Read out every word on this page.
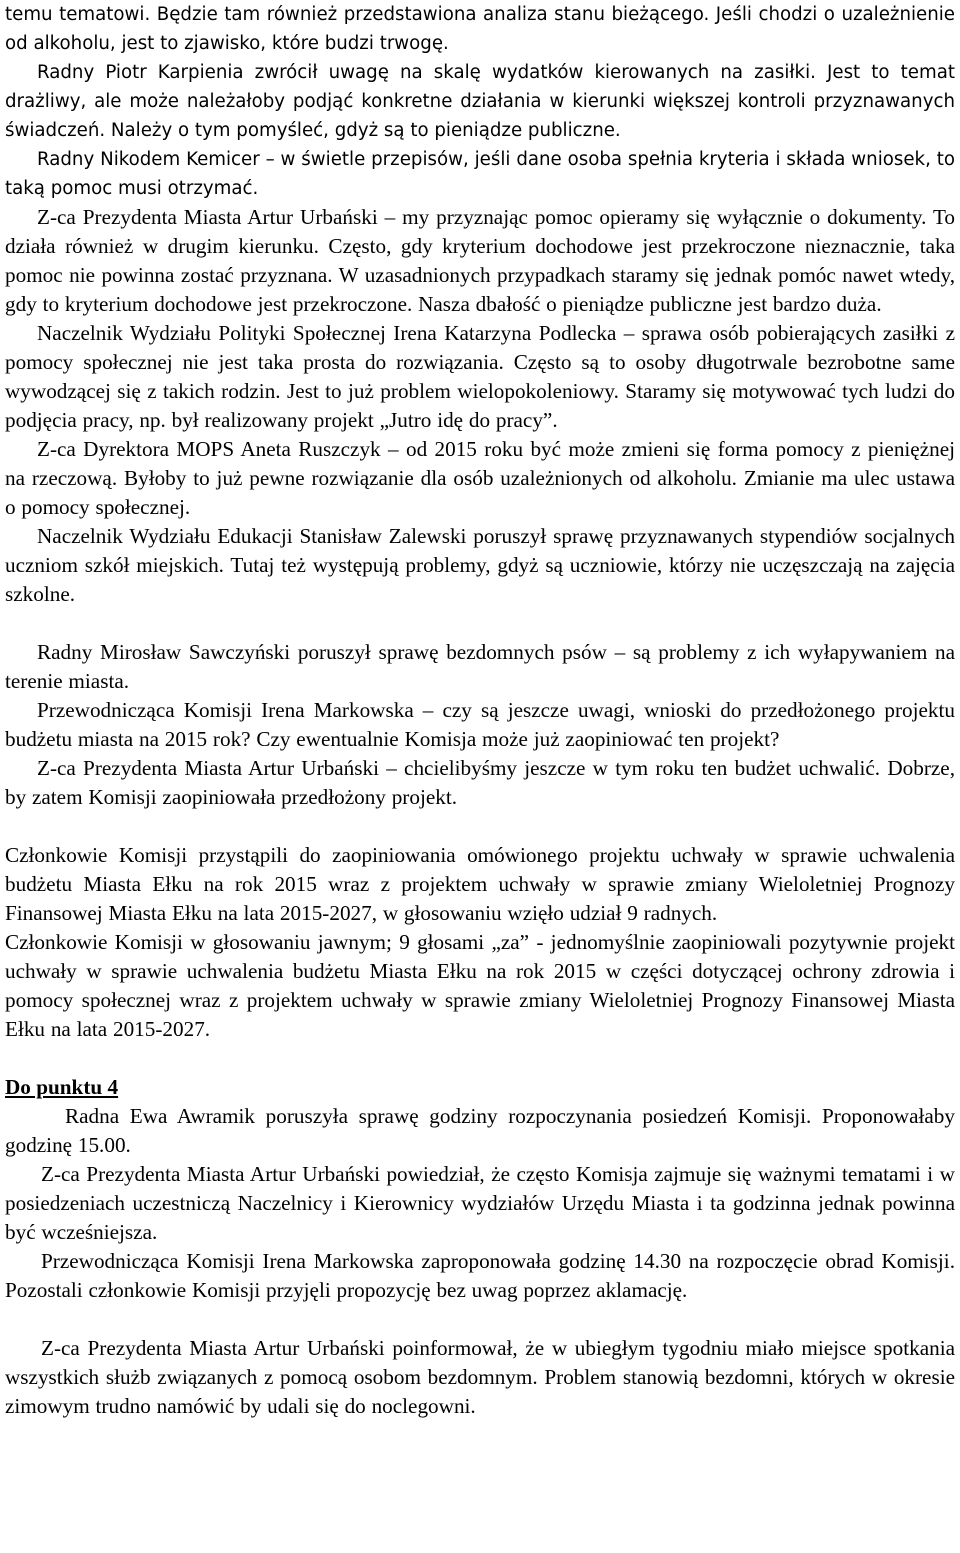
temu tematowi. Będzie tam również przedstawiona analiza stanu bieżącego. Jeśli chodzi o uzależnienie od alkoholu, jest to zjawisko, które budzi trwogę.

Radny Piotr Karpienia zwrócił uwagę na skalę wydatków kierowanych na zasiłki. Jest to temat drażliwy, ale może należałoby podjąć konkretne działania w kierunki większej kontroli przyznawanych świadczeń. Należy o tym pomyśleć, gdyż są to pieniądze publiczne.

Radny Nikodem Kemicer – w świetle przepisów, jeśli dane osoba spełnia kryteria i składa wniosek, to taką pomoc musi otrzymać.

Z-ca Prezydenta Miasta Artur Urbański – my przyznając pomoc opieramy się wyłącznie o dokumenty. To działa również w drugim kierunku. Często, gdy kryterium dochodowe jest przekroczone nieznacznie, taka pomoc nie powinna zostać przyznana. W uzasadnionych przypadkach staramy się jednak pomóc nawet wtedy, gdy to kryterium dochodowe jest przekroczone. Nasza dbałość o pieniądze publiczne jest bardzo duża.

Naczelnik Wydziału Polityki Społecznej Irena Katarzyna Podlecka – sprawa osób pobierających zasiłki z pomocy społecznej nie jest taka prosta do rozwiązania. Często są to osoby długotrwale bezrobotne same wywodzącej się z takich rodzin. Jest to już problem wielopokoleniowy. Staramy się motywować tych ludzi do podjęcia pracy, np. był realizowany projekt „Jutro idę do pracy”.

Z-ca Dyrektora MOPS Aneta Ruszczyk – od 2015 roku być może zmieni się forma pomocy z pieniężnej na rzeczową. Byłoby to już pewne rozwiązanie dla osób uzależnionych od alkoholu. Zmianie ma ulec ustawa o pomocy społecznej.

Naczelnik Wydziału Edukacji Stanisław Zalewski poruszył sprawę przyznawanych stypendiów socjalnych uczniom szkół miejskich. Tutaj też występują problemy, gdyż są uczniowie, którzy nie uczęszczają na zajęcia szkolne.

Radny Mirosław Sawczyński poruszył sprawę bezdomnych psów – są problemy z ich wyłapywaniem na terenie miasta.

Przewodnicząca Komisji Irena Markowska – czy są jeszcze uwagi, wnioski do przedłożonego projektu budżetu miasta na 2015 rok? Czy ewentualnie Komisja może już zaopiniować ten projekt?

Z-ca Prezydenta Miasta Artur Urbański – chcielibyśmy jeszcze w tym roku ten budżet uchwalić. Dobrze, by zatem Komisji zaopiniowała przedłożony projekt.

Członkowie Komisji przystąpili do zaopiniowania omówionego projektu uchwały w sprawie uchwalenia budżetu Miasta Ełku na rok 2015 wraz z projektem uchwały w sprawie zmiany Wieloletniej Prognozy Finansowej Miasta Ełku na lata 2015-2027, w głosowaniu wzięło udział 9 radnych.

Członkowie Komisji w głosowaniu jawnym; 9 głosami „za” - jednomyślnie zaopiniowali pozytywnie projekt uchwały w sprawie uchwalenia budżetu Miasta Ełku na rok 2015 w części dotyczącej ochrony zdrowia i pomocy społecznej wraz z projektem uchwały w sprawie zmiany Wieloletniej Prognozy Finansowej Miasta Ełku na lata 2015-2027.

Do punktu 4

Radna Ewa Awramik poruszyła sprawę godziny rozpoczynania posiedzeń Komisji. Proponowałaby godzinę 15.00.

Z-ca Prezydenta Miasta Artur Urbański powiedział, że często Komisja zajmuje się ważnymi tematami i w posiedzeniach uczestniczą Naczelnicy i Kierownicy wydziałów Urzędu Miasta i ta godzinna jednak powinna być wcześniejsza.

Przewodnicząca Komisji Irena Markowska zaproponowała godzinę 14.30 na rozpoczęcie obrad Komisji. Pozostali członkowie Komisji przyjęli propozycję bez uwag poprzez aklamację.

Z-ca Prezydenta Miasta Artur Urbański poinformował, że w ubiegłym tygodniu miało miejsce spotkania wszystkich służb związanych z pomocą osobom bezdomnym. Problem stanowią bezdomni, których w okresie zimowym trudno namówić by udali się do noclegowni.
